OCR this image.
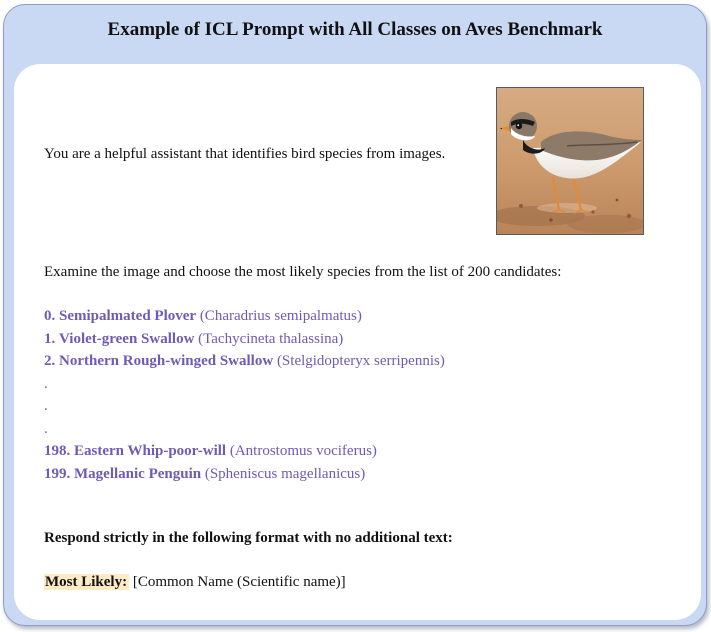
Example of ICL Prompt with All Classes on Aves Benchmark
You are a helpful assistant that identifies bird species from images.
Examine the image and choose the most likely species from the list of 200 candidates:
0. Semipalmated Plover (Charadrius semipalmatus)
1. Violet-green Swallow (Tachycineta thalassina)
2. Northern Rough-winged Swallow (Stelgidopteryx serripennis)
.
.
.
198. Eastern Whip-poor-will (Antrostomus vociferus)
199. Magellanic Penguin (Spheniscus magellanicus)
Respond strictly in the following format with no additional text:
Most Likely: [Common Name (Scientific name)]
